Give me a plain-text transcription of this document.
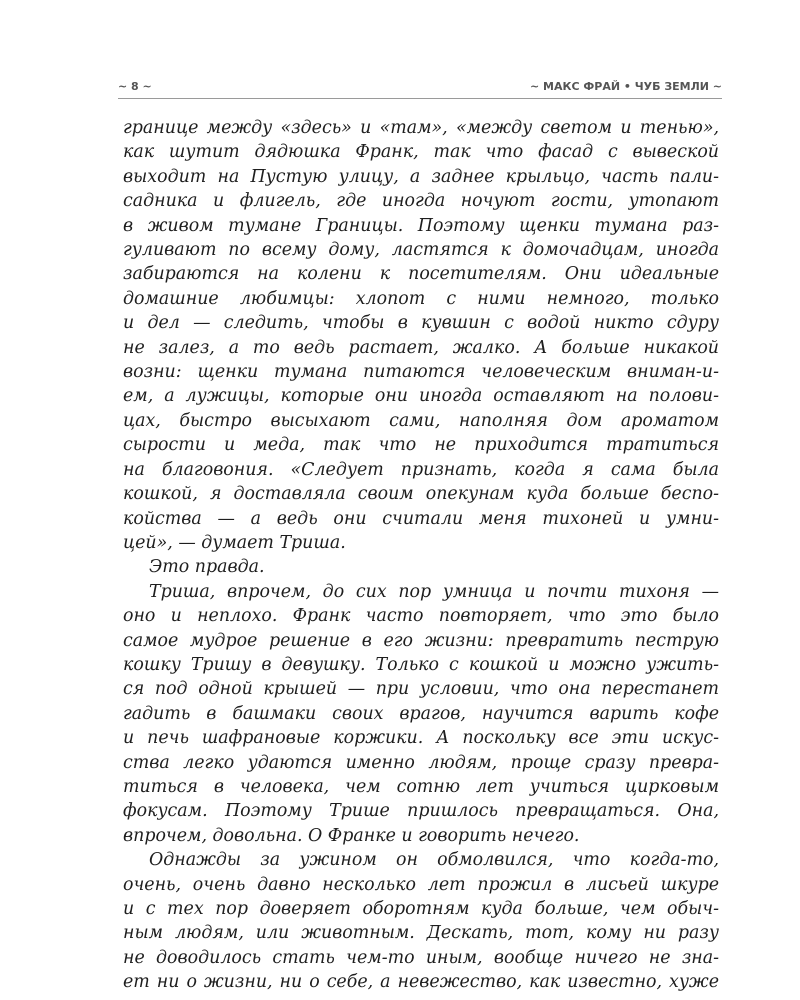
~ 8 ~	~ МАКС ФРАЙ • ЧУБ ЗЕМЛИ ~
границе между «здесь» и «там», «между светом и тенью»,
как шутит дядюшка Франк, так что фасад с вывеской
выходит на Пустую улицу, а заднее крыльцо, часть пали-
садника и флигель, где иногда ночуют гости, утопают
в живом тумане Границы. Поэтому щенки тумана раз-
гуливают по всему дому, ластятся к домочадцам, иногда
забираются на колени к посетителям. Они идеальные
домашние любимцы: хлопот с ними немного, только
и дел — следить, чтобы в кувшин с водой никто сдуру
не залез, а то ведь растает, жалко. А больше никакой
возни: щенки тумана питаются человеческим вниман-и-
ем, а лужицы, которые они иногда оставляют на полови-
цах, быстро высыхают сами, наполняя дом ароматом
сырости и меда, так что не приходится тратиться
на благовония. «Следует признать, когда я сама была
кошкой, я доставляла своим опекунам куда больше беспо-
койства — а ведь они считали меня тихоней и умни-
цей», — думает Триша.
Это правда.
Триша, впрочем, до сих пор умница и почти тихоня —
оно и неплохо. Франк часто повторяет, что это было
самое мудрое решение в его жизни: превратить пеструю
кошку Тришу в девушку. Только с кошкой и можно ужить-
ся под одной крышей — при условии, что она перестанет
гадить в башмаки своих врагов, научится варить кофе
и печь шафрановые коржики. А поскольку все эти искус-
ства легко удаются именно людям, проще сразу превра-
титься в человека, чем сотню лет учиться цирковым
фокусам. Поэтому Трише пришлось превращаться. Она,
впрочем, довольна. О Франке и говорить нечего.
Однажды за ужином он обмолвился, что когда-то,
очень, очень давно несколько лет прожил в лисьей шкуре
и с тех пор доверяет оборотням куда больше, чем обыч-
ным людям, или животным. Дескать, тот, кому ни разу
не доводилось стать чем-то иным, вообще ничего не зна-
ет ни о жизни, ни о себе, а невежество, как известно, хуже
